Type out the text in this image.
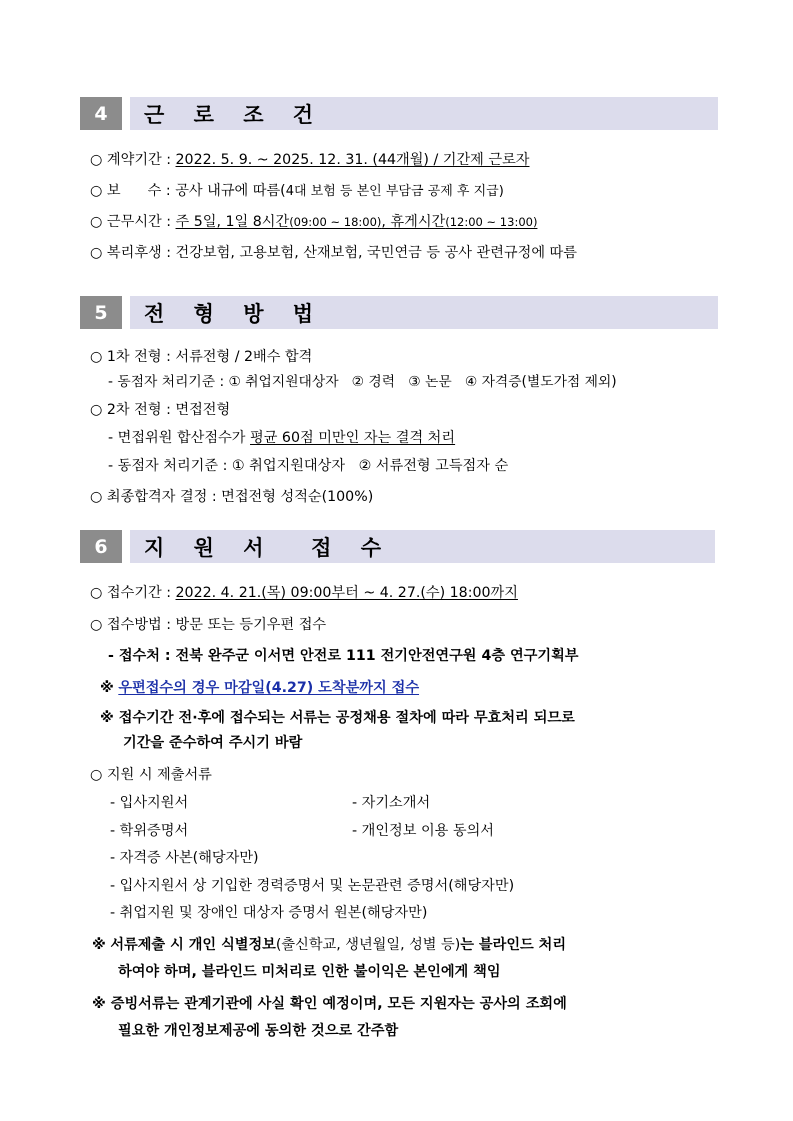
4	근 로 조 건
○ 계약기간 : 2022. 5. 9. ~ 2025. 12. 31. (44개월) / 기간제 근로자
○ 보      수 : 공사 내규에 따름(4대 보험 등 본인 부담금 공제 후 지급)
○ 근무시간 : 주 5일, 1일 8시간(09:00 ~ 18:00), 휴게시간(12:00 ~ 13:00)
○ 복리후생 : 건강보험, 고용보험, 산재보험, 국민연금 등 공사 관련규정에 따름
5	전 형 방 법
○ 1차 전형 : 서류전형 / 2배수 합격
- 동점자 처리기준 : ① 취업지원대상자   ② 경력   ③ 논문   ④ 자격증(별도가점 제외)
○ 2차 전형 : 면접전형
- 면접위원 합산점수가 평균 60점 미만인 자는 결격 처리
- 동점자 처리기준 : ① 취업지원대상자   ② 서류전형 고득점자 순
○ 최종합격자 결정 : 면접전형 성적순(100%)
6	지 원 서  접 수
○ 접수기간 : 2022. 4. 21.(목) 09:00부터 ~ 4. 27.(수) 18:00까지
○ 접수방법 : 방문 또는 등기우편 접수
- 접수처 : 전북 완주군 이서면 안전로 111 전기안전연구원 4층 연구기획부
※ 우편접수의 경우 마감일(4.27) 도착분까지 접수
※ 접수기간 전·후에 접수되는 서류는 공정채용 절차에 따라 무효처리 되므로
기간을 준수하여 주시기 바람
○ 지원 시 제출서류
- 입사지원서	- 자기소개서
- 학위증명서	- 개인정보 이용 동의서
- 자격증 사본(해당자만)
- 입사지원서 상 기입한 경력증명서 및 논문관련 증명서(해당자만)
- 취업지원 및 장애인 대상자 증명서 원본(해당자만)
※ 서류제출 시 개인 식별정보(출신학교, 생년월일, 성별 등)는 블라인드 처리
하여야 하며, 블라인드 미처리로 인한 불이익은 본인에게 책임
※ 증빙서류는 관계기관에 사실 확인 예정이며, 모든 지원자는 공사의 조회에
필요한 개인정보제공에 동의한 것으로 간주함
